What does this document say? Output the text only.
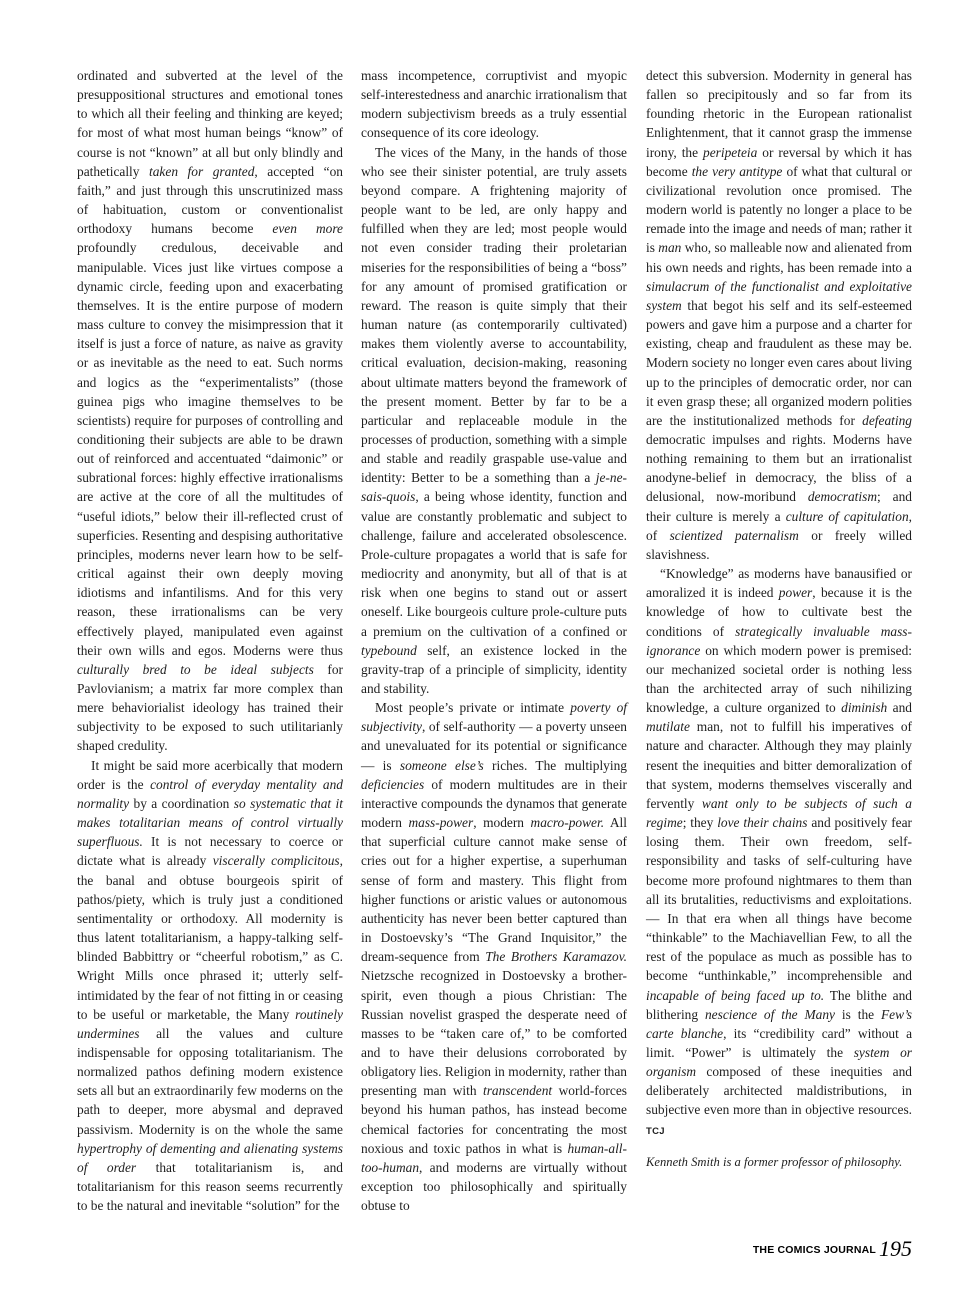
ordinated and subverted at the level of the presuppositional structures and emotional tones to which all their feeling and thinking are keyed; for most of what most human beings “know” of course is not “known” at all but only blindly and pathetically taken for granted, accepted “on faith,” and just through this unscrutinized mass of habituation, custom or conventionalist orthodoxy humans become even more profoundly credulous, deceivable and manipulable. Vices just like virtues compose a dynamic circle, feeding upon and exacerbating themselves. It is the entire purpose of modern mass culture to convey the misimpression that it itself is just a force of nature, as naive as gravity or as inevitable as the need to eat. Such norms and logics as the “experimentalists” (those guinea pigs who imagine themselves to be scientists) require for purposes of controlling and conditioning their subjects are able to be drawn out of reinforced and accentuated “daimonic” or subrational forces: highly effective irrationalisms are active at the core of all the multitudes of “useful idiots,” below their ill-reflected crust of superficies. Resenting and despising authoritative principles, moderns never learn how to be self-critical against their own deeply moving idiotisms and infantilisms. And for this very reason, these irrationalisms can be very effectively played, manipulated even against their own wills and egos. Moderns were thus culturally bred to be ideal subjects for Pavlovianism; a matrix far more complex than mere behaviorialist ideology has trained their subjectivity to be exposed to such utilitarianly shaped credulity.

It might be said more acerbically that modern order is the control of everyday mentality and normality by a coordination so systematic that it makes totalitarian means of control virtually superfluous. It is not necessary to coerce or dictate what is already viscerally complicitous, the banal and obtuse bourgeois spirit of pathos/piety, which is truly just a conditioned sentimentality or orthodoxy. All modernity is thus latent totalitarianism, a happy-talking self-blinded Babbittry or “cheerful robotism,” as C. Wright Mills once phrased it; utterly self-intimidated by the fear of not fitting in or ceasing to be useful or marketable, the Many routinely undermines all the values and culture indispensable for opposing totalitarianism. The normalized pathos defining modern existence sets all but an extraordinarily few moderns on the path to deeper, more abysmal and depraved passivism. Modernity is on the whole the same hypertrophy of dementing and alienating systems of order that totalitarianism is, and totalitarianism for this reason seems recurrently to be the natural and inevitable “solution” for the

mass incompetence, corruptivist and myopic self-interestedness and anarchic irrationalism that modern subjectivism breeds as a truly essential consequence of its core ideology.

The vices of the Many, in the hands of those who see their sinister potential, are truly assets beyond compare. A frightening majority of people want to be led, are only happy and fulfilled when they are led; most people would not even consider trading their proletarian miseries for the responsibilities of being a “boss” for any amount of promised gratification or reward. The reason is quite simply that their human nature (as contemporarily cultivated) makes them violently averse to accountability, critical evaluation, decision-making, reasoning about ultimate matters beyond the framework of the present moment. Better by far to be a particular and replaceable module in the processes of production, something with a simple and stable and readily graspable use-value and identity: Better to be a something than a je-ne-sais-quois, a being whose identity, function and value are constantly problematic and subject to challenge, failure and accelerated obsolescence. Prole-culture propagates a world that is safe for mediocrity and anonymity, but all of that is at risk when one begins to stand out or assert oneself. Like bourgeois culture prole-culture puts a premium on the cultivation of a confined or typebound self, an existence locked in the gravity-trap of a principle of simplicity, identity and stability.

Most people’s private or intimate poverty of subjectivity, of self-authority — a poverty unseen and unevaluated for its potential or significance — is someone else’s riches. The multiplying deficiencies of modern multitudes are in their interactive compounds the dynamos that generate modern mass-power, modern macro-power. All that superficial culture cannot make sense of cries out for a higher expertise, a superhuman sense of form and mastery. This flight from higher functions or aristic values or autonomous authenticity has never been better captured than in Dostoevsky’s “The Grand Inquisitor,” the dream-sequence from The Brothers Karamazov. Nietzsche recognized in Dostoevsky a brother-spirit, even though a pious Christian: The Russian novelist grasped the desperate need of masses to be “taken care of,” to be comforted and to have their delusions corroborated by obligatory lies. Religion in modernity, rather than presenting man with transcendent world-forces beyond his human pathos, has instead become chemical factories for concentrating the most noxious and toxic pathos in what is human-all-too-human, and moderns are virtually without exception too philosophically and spiritually obtuse to

detect this subversion. Modernity in general has fallen so precipitously and so far from its founding rhetoric in the European rationalist Enlightenment, that it cannot grasp the immense irony, the peripeteia or reversal by which it has become the very antitype of what that cultural or civilizational revolution once promised. The modern world is patently no longer a place to be remade into the image and needs of man; rather it is man who, so malleable now and alienated from his own needs and rights, has been remade into a simulacrum of the functionalist and exploitative system that begot his self and its self-esteemed powers and gave him a purpose and a charter for existing, cheap and fraudulent as these may be. Modern society no longer even cares about living up to the principles of democratic order, nor can it even grasp these; all organized modern polities are the institutionalized methods for defeating democratic impulses and rights. Moderns have nothing remaining to them but an irrationalist anodyne-belief in democracy, the bliss of a delusional, now-moribund democratism; and their culture is merely a culture of capitulation, of scientized paternalism or freely willed slavishness.

“Knowledge” as moderns have banausified or amoralized it is indeed power, because it is the knowledge of how to cultivate best the conditions of strategically invaluable mass-ignorance on which modern power is premised: our mechanized societal order is nothing less than the architected array of such nihilizing knowledge, a culture organized to diminish and mutilate man, not to fulfill his imperatives of nature and character. Although they may plainly resent the inequities and bitter demoralization of that system, moderns themselves viscerally and fervently want only to be subjects of such a regime; they love their chains and positively fear losing them. Their own freedom, self-responsibility and tasks of self-culturing have become more profound nightmares to them than all its brutalities, reductivisms and exploitations. — In that era when all things have become “thinkable” to the Machiavellian Few, to all the rest of the populace as much as possible has to become “unthinkable,” incomprehensible and incapable of being faced up to. The blithe and blithering nescience of the Many is the Few’s carte blanche, its “credibility card” without a limit. “Power” is ultimately the system or organism composed of these inequities and deliberately architected maldistributions, in subjective even more than in objective resources. TCJ

Kenneth Smith is a former professor of philosophy.

THE COMICS JOURNAL 195
